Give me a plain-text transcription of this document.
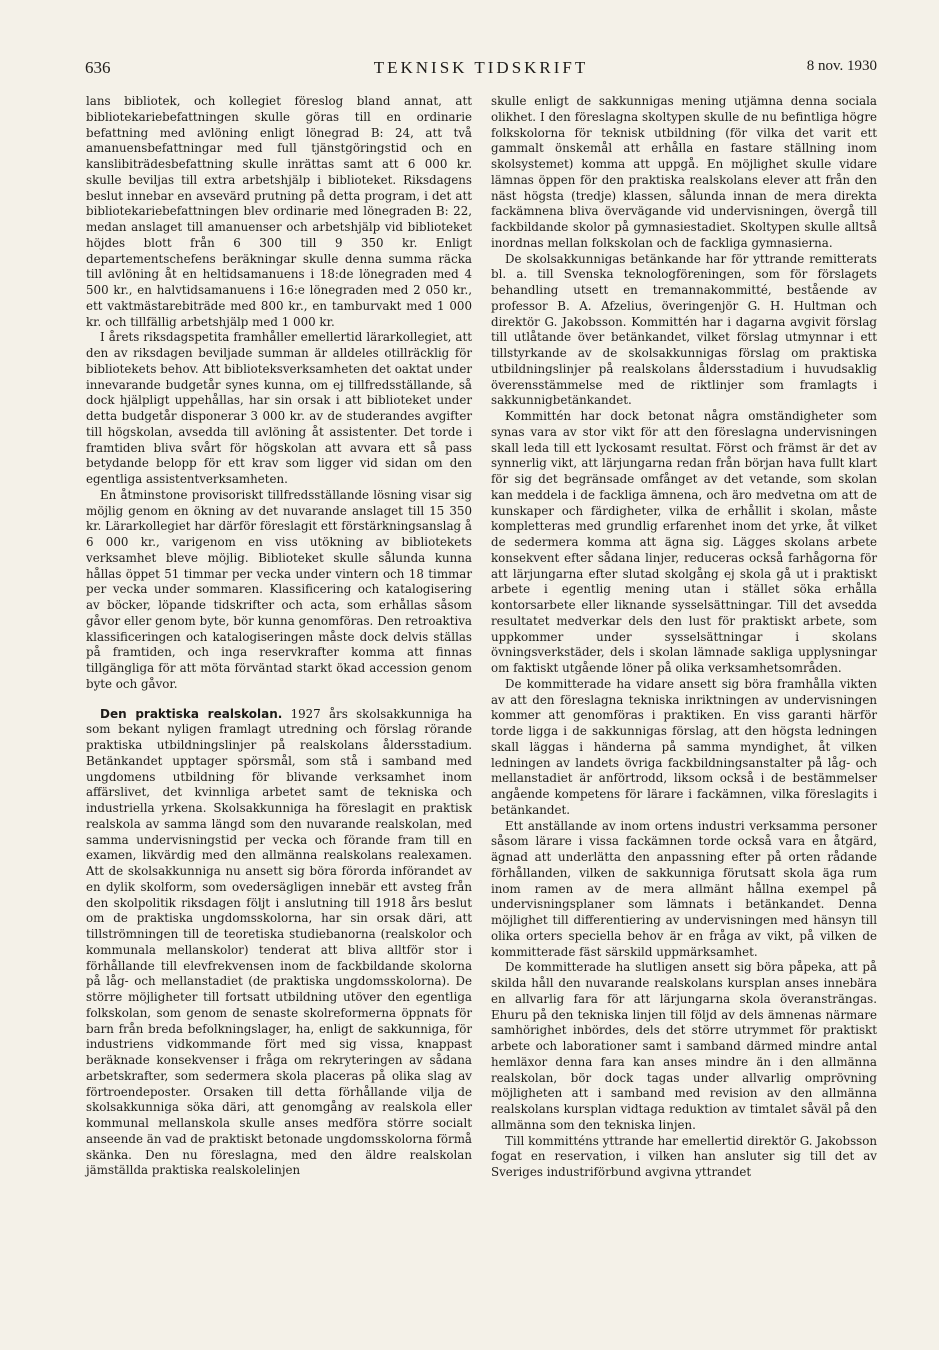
636	TEKNISK TIDSKRIFT	8 nov. 1930

lans bibliotek, och kollegiet föreslog bland annat, att bibliotekariebefattningen skulle göras till en ordinarie befattning med avlöning enligt lönegrad B: 24, att två amanuensbefattningar med full tjänstgöringstid och en kanslibiträdesbefattning skulle inrättas samt att 6 000 kr. skulle beviljas till extra arbetshjälp i biblioteket. Riksdagens beslut innebar en avsevärd prutning på detta program, i det att bibliotekariebefattningen blev ordinarie med lönegraden B: 22, medan anslaget till amanuenser och arbetshjälp vid biblioteket höjdes blott från 6 300 till 9 350 kr. Enligt departementschefens beräkningar skulle denna summa räcka till avlöning åt en heltidsamanuens i 18:de lönegraden med 4 500 kr., en halvtidsamanuens i 16:e lönegraden med 2 050 kr., ett vaktmästarebiträde med 800 kr., en tamburvakt med 1 000 kr. och tillfällig arbetshjälp med 1 000 kr.

I årets riksdagspetita framhåller emellertid lärarkollegiet, att den av riksdagen beviljade summan är alldeles otillräcklig för bibliotekets behov. Att biblioteksverksamheten det oaktat under innevarande budgetår synes kunna, om ej tillfredsställande, så dock hjälpligt uppehållas, har sin orsak i att biblioteket under detta budgetår disponerar 3 000 kr. av de studerandes avgifter till högskolan, avsedda till avlöning åt assistenter. Det torde i framtiden bliva svårt för högskolan att avvara ett så pass betydande belopp för ett krav som ligger vid sidan om den egentliga assistentverksamheten.

En åtminstone provisoriskt tillfredsställande lösning visar sig möjlig genom en ökning av det nuvarande anslaget till 15 350 kr. Lärarkollegiet har därför föreslagit ett förstärkningsanslag å 6 000 kr., varigenom en viss utökning av bibliotekets verksamhet bleve möjlig. Biblioteket skulle sålunda kunna hållas öppet 51 timmar per vecka under vintern och 18 timmar per vecka under sommaren. Klassificering och katalogisering av böcker, löpande tidskrifter och acta, som erhållas såsom gåvor eller genom byte, bör kunna genomföras. Den retroaktiva klassificeringen och katalogiseringen måste dock delvis ställas på framtiden, och inga reservkrafter komma att finnas tillgängliga för att möta förväntad starkt ökad accession genom byte och gåvor.

Den praktiska realskolan. 1927 års skolsakkunniga ha som bekant nyligen framlagt utredning och förslag rörande praktiska utbildningslinjer på realskolans åldersstadium. Betänkandet upptager spörsmål, som stå i samband med ungdomens utbildning för blivande verksamhet inom affärslivet, det kvinnliga arbetet samt de tekniska och industriella yrkena. Skolsakkunniga ha föreslagit en praktisk realskola av samma längd som den nuvarande realskolan, med samma undervisningstid per vecka och förande fram till en examen, likvärdig med den allmänna realskolans realexamen. Att de skolsakkunniga nu ansett sig böra förorda införandet av en dylik skolform, som ovedersägligen innebär ett avsteg från den skolpolitik riksdagen följt i anslutning till 1918 års beslut om de praktiska ungdomsskolorna, har sin orsak däri, att tillströmningen till de teoretiska studiebanorna (realskolor och kommunala mellanskolor) tenderat att bliva alltför stor i förhållande till elevfrekvensen inom de fackbildande skolorna på låg- och mellanstadiet (de praktiska ungdomsskolorna). De större möjligheter till fortsatt utbildning utöver den egentliga folkskolan, som genom de senaste skolreformerna öppnats för barn från breda befolkningslager, ha, enligt de sakkunniga, för industriens vidkommande fört med sig vissa, knappast beräknade konsekvenser i fråga om rekryteringen av sådana arbetskrafter, som sedermera skola placeras på olika slag av förtroendeposter. Orsaken till detta förhållande vilja de skolsakkunniga söka däri, att genomgång av realskola eller kommunal mellanskola skulle anses medföra större socialt anseende än vad de praktiskt betonade ungdomsskolorna förmå skänka. Den nu föreslagna, med den äldre realskolan jämställda praktiska realskolelinjen

skulle enligt de sakkunnigas mening utjämna denna sociala olikhet. I den föreslagna skoltypen skulle de nu befintliga högre folkskolorna för teknisk utbildning (för vilka det varit ett gammalt önskemål att erhålla en fastare ställning inom skolsystemet) komma att uppgå. En möjlighet skulle vidare lämnas öppen för den praktiska realskolans elever att från den näst högsta (tredje) klassen, sålunda innan de mera direkta fackämnena bliva övervägande vid undervisningen, övergå till fackbildande skolor på gymnasiestadiet. Skoltypen skulle alltså inordnas mellan folkskolan och de fackliga gymnasierna.

De skolsakkunnigas betänkande har för yttrande remitterats bl. a. till Svenska teknologföreningen, som för förslagets behandling utsett en tremannakommitté, bestående av professor B. A. Afzelius, överingenjör G. H. Hultman och direktör G. Jakobsson. Kommittén har i dagarna avgivit förslag till utlåtande över betänkandet, vilket förslag utmynnar i ett tillstyrkande av de skolsakkunnigas förslag om praktiska utbildningslinjer på realskolans åldersstadium i huvudsaklig överensstämmelse med de riktlinjer som framlagts i sakkunnigbetänkandet.

Kommittén har dock betonat några omständigheter som synas vara av stor vikt för att den föreslagna undervisningen skall leda till ett lyckosamt resultat. Först och främst är det av synnerlig vikt, att lärjungarna redan från början hava fullt klart för sig det begränsade omfånget av det vetande, som skolan kan meddela i de fackliga ämnena, och äro medvetna om att de kunskaper och färdigheter, vilka de erhållit i skolan, måste kompletteras med grundlig erfarenhet inom det yrke, åt vilket de sedermera komma att ägna sig. Lägges skolans arbete konsekvent efter sådana linjer, reduceras också farhågorna för att lärjungarna efter slutad skolgång ej skola gå ut i praktiskt arbete i egentlig mening utan i stället söka erhålla kontorsarbete eller liknande sysselsättningar. Till det avsedda resultatet medverkar dels den lust för praktiskt arbete, som uppkommer under sysselsättningar i skolans övningsverkstäder, dels i skolan lämnade sakliga upplysningar om faktiskt utgående löner på olika verksamhetsområden.

De kommitterade ha vidare ansett sig böra framhålla vikten av att den föreslagna tekniska inriktningen av undervisningen kommer att genomföras i praktiken. En viss garanti härför torde ligga i de sakkunnigas förslag, att den högsta ledningen skall läggas i händerna på samma myndighet, åt vilken ledningen av landets övriga fackbildningsanstalter på låg- och mellanstadiet är anförtrodd, liksom också i de bestämmelser angående kompetens för lärare i fackämnen, vilka föreslagits i betänkandet.

Ett anställande av inom ortens industri verksamma personer såsom lärare i vissa fackämnen torde också vara en åtgärd, ägnad att underlätta den anpassning efter på orten rådande förhållanden, vilken de sakkunniga förutsatt skola äga rum inom ramen av de mera allmänt hållna exempel på undervisningsplaner som lämnats i betänkandet. Denna möjlighet till differentiering av undervisningen med hänsyn till olika orters speciella behov är en fråga av vikt, på vilken de kommitterade fäst särskild uppmärksamhet.

De kommitterade ha slutligen ansett sig böra påpeka, att på skilda håll den nuvarande realskolans kursplan anses innebära en allvarlig fara för att lärjungarna skola överansträngas. Ehuru på den tekniska linjen till följd av dels ämnenas närmare samhörighet inbördes, dels det större utrymmet för praktiskt arbete och laborationer samt i samband därmed mindre antal hemläxor denna fara kan anses mindre än i den allmänna realskolan, bör dock tagas under allvarlig omprövning möjligheten att i samband med revision av den allmänna realskolans kursplan vidtaga reduktion av timtalet såväl på den allmänna som den tekniska linjen.

Till kommitténs yttrande har emellertid direktör G. Jakobsson fogat en reservation, i vilken han ansluter sig till det av Sveriges industriförbund avgivna yttrandet
